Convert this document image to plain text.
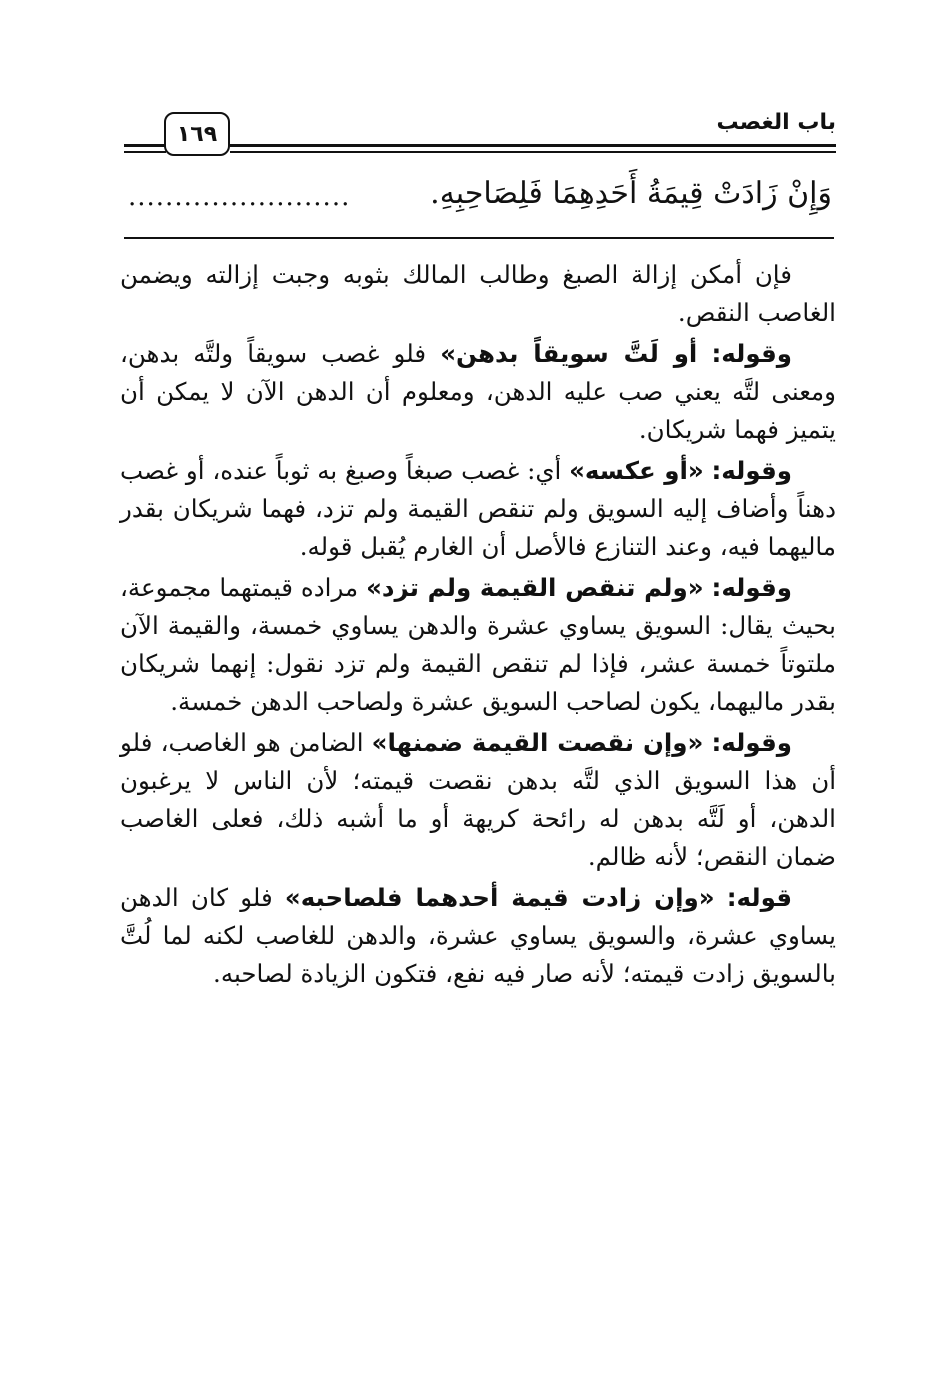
باب الغصب
١٦٩
وَإِنْ زَادَتْ قِيمَةُ أَحَدِهِمَا فَلِصَاحِبِهِ.
........................

فإن أمكن إزالة الصبغ وطالب المالك بثوبه وجبت إزالته ويضمن الغاصب النقص.

وقوله: أو لَتَّ سويقاً بدهن» فلو غصب سويقاً ولتَّه بدهن، ومعنى لتَّه يعني صب عليه الدهن، ومعلوم أن الدهن الآن لا يمكن أن يتميز فهما شريكان.

وقوله: «أو عكسه» أي: غصب صبغاً وصبغ به ثوباً عنده، أو غصب دهناً وأضاف إليه السويق ولم تنقص القيمة ولم تزد، فهما شريكان بقدر ماليهما فيه، وعند التنازع فالأصل أن الغارم يُقبل قوله.

وقوله: «ولم تنقص القيمة ولم تزد» مراده قيمتهما مجموعة، بحيث يقال: السويق يساوي عشرة والدهن يساوي خمسة، والقيمة الآن ملتوتاً خمسة عشر، فإذا لم تنقص القيمة ولم تزد نقول: إنهما شريكان بقدر ماليهما، يكون لصاحب السويق عشرة ولصاحب الدهن خمسة.

وقوله: «وإن نقصت القيمة ضمنها» الضامن هو الغاصب، فلو أن هذا السويق الذي لتَّه بدهن نقصت قيمته؛ لأن الناس لا يرغبون الدهن، أو لَتَّه بدهن له رائحة كريهة أو ما أشبه ذلك، فعلى الغاصب ضمان النقص؛ لأنه ظالم.

قوله: «وإن زادت قيمة أحدهما فلصاحبه» فلو كان الدهن يساوي عشرة، والسويق يساوي عشرة، والدهن للغاصب لكنه لما لُتَّ بالسويق زادت قيمته؛ لأنه صار فيه نفع، فتكون الزيادة لصاحبه.
